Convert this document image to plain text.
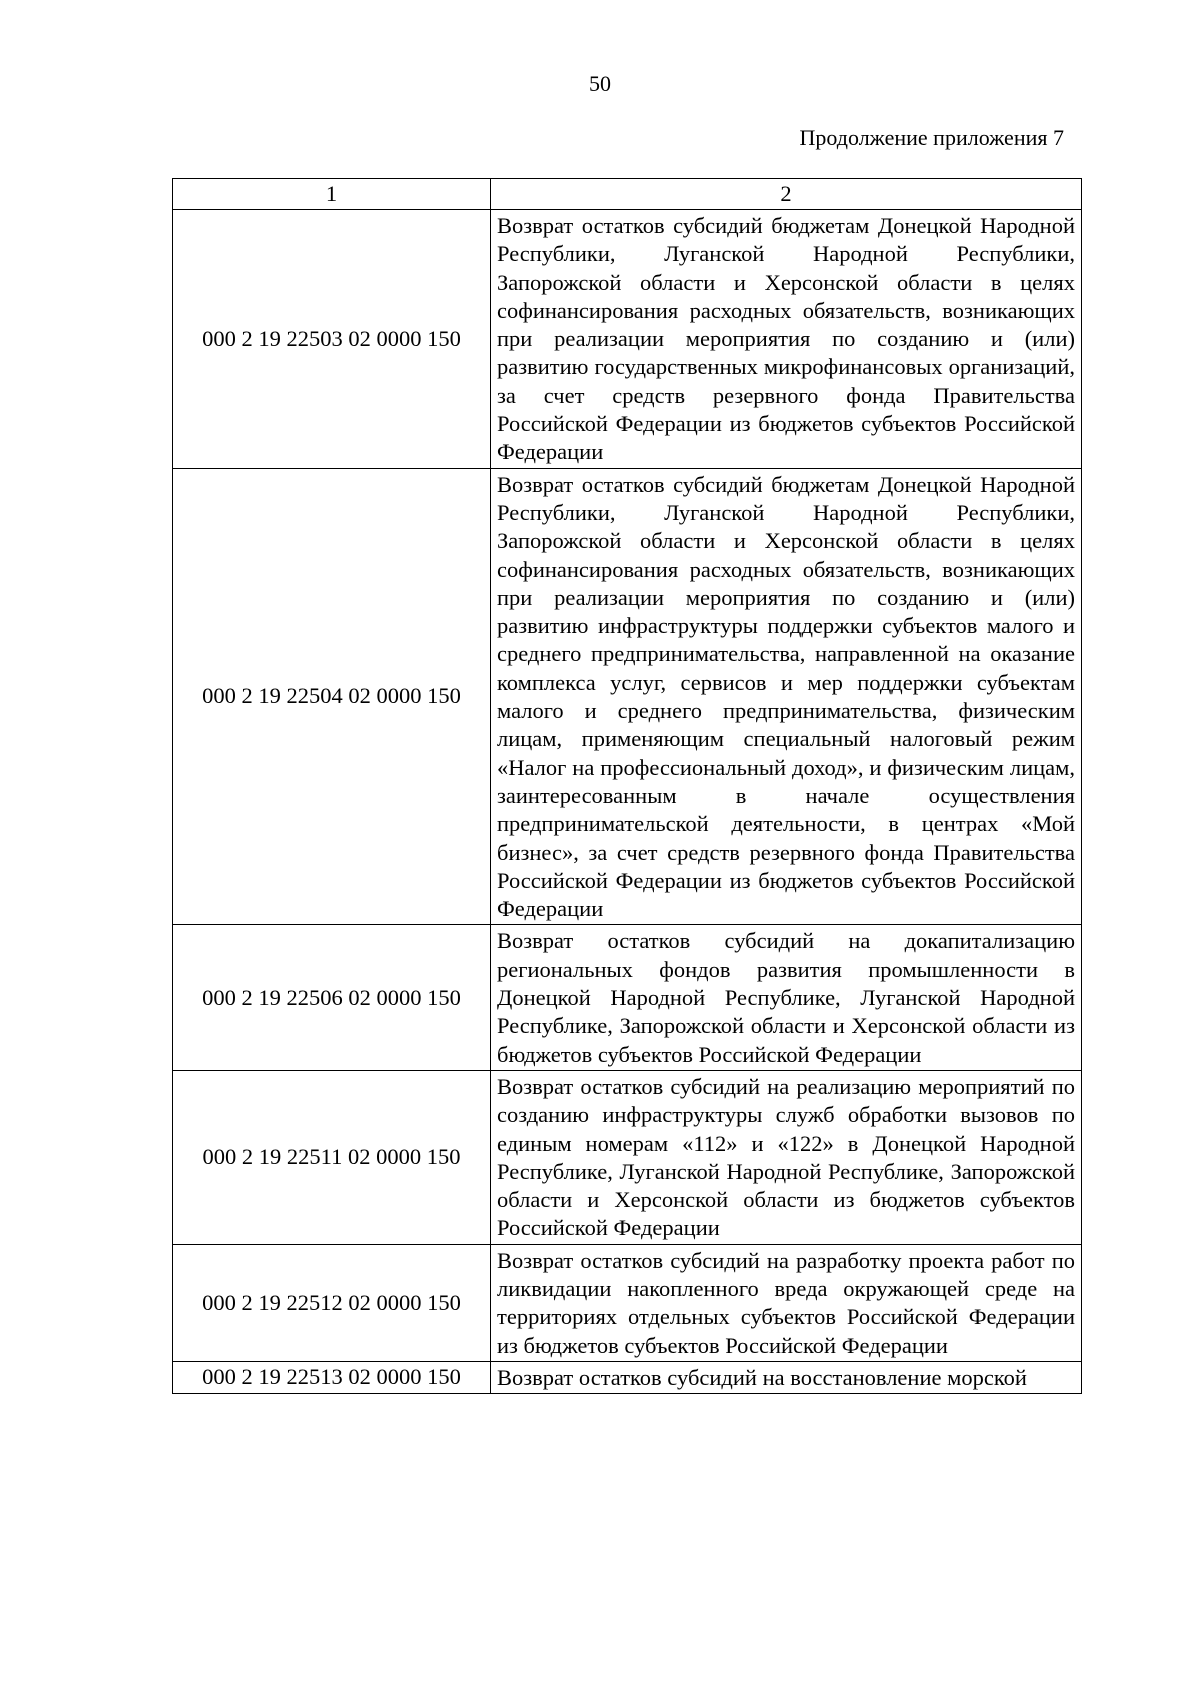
50
Продолжение приложения 7
1	2
000 2 19 22503 02 0000 150	Возврат остатков субсидий бюджетам Донецкой Народной Республики, Луганской Народной Республики, Запорожской области и Херсонской области в целях софинансирования расходных обязательств, возникающих при реализации мероприятия по созданию и (или) развитию государственных микрофинансовых организаций, за счет средств резервного фонда Правительства Российской Федерации из бюджетов субъектов Российской Федерации
000 2 19 22504 02 0000 150	Возврат остатков субсидий бюджетам Донецкой Народной Республики, Луганской Народной Республики, Запорожской области и Херсонской области в целях софинансирования расходных обязательств, возникающих при реализации мероприятия по созданию и (или) развитию инфраструктуры поддержки субъектов малого и среднего предпринимательства, направленной на оказание комплекса услуг, сервисов и мер поддержки субъектам малого и среднего предпринимательства, физическим лицам, применяющим специальный налоговый режим «Налог на профессиональный доход», и физическим лицам, заинтересованным в начале осуществления предпринимательской деятельности, в центрах «Мой бизнес», за счет средств резервного фонда Правительства Российской Федерации из бюджетов субъектов Российской Федерации
000 2 19 22506 02 0000 150	Возврат остатков субсидий на докапитализацию региональных фондов развития промышленности в Донецкой Народной Республике, Луганской Народной Республике, Запорожской области и Херсонской области из бюджетов субъектов Российской Федерации
000 2 19 22511 02 0000 150	Возврат остатков субсидий на реализацию мероприятий по созданию инфраструктуры служб обработки вызовов по единым номерам «112» и «122» в Донецкой Народной Республике, Луганской Народной Республике, Запорожской области и Херсонской области из бюджетов субъектов Российской Федерации
000 2 19 22512 02 0000 150	Возврат остатков субсидий на разработку проекта работ по ликвидации накопленного вреда окружающей среде на территориях отдельных субъектов Российской Федерации из бюджетов субъектов Российской Федерации
000 2 19 22513 02 0000 150	Возврат остатков субсидий на восстановление морской
